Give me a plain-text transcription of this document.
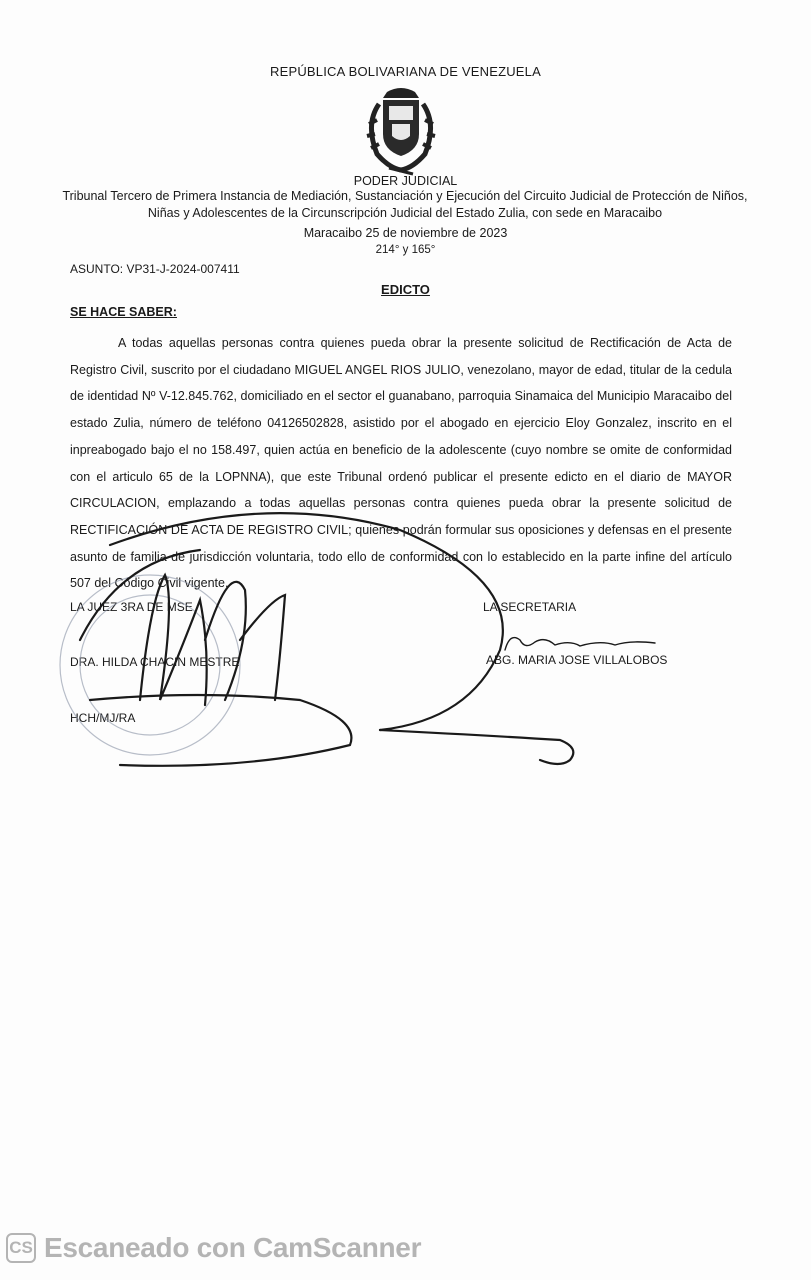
REPÚBLICA BOLIVARIANA DE VENEZUELA
PODER JUDICIAL
Tribunal Tercero de Primera Instancia de Mediación, Sustanciación y Ejecución del Circuito Judicial de Protección de Niños, Niñas y Adolescentes de la Circunscripción Judicial del Estado Zulia, con sede en Maracaibo
Maracaibo 25 de noviembre de 2023
214° y 165°
ASUNTO: VP31-J-2024-007411
EDICTO
SE HACE SABER:

A todas aquellas personas contra quienes pueda obrar la presente solicitud de Rectificación de Acta de Registro Civil, suscrito por el ciudadano MIGUEL ANGEL RIOS JULIO, venezolano, mayor de edad, titular de la cedula de identidad Nº V-12.845.762, domiciliado en el sector el guanabano, parroquia Sinamaica del Municipio Maracaibo del estado Zulia, número de teléfono 04126502828, asistido por el abogado en ejercicio Eloy Gonzalez, inscrito en el inpreabogado bajo el no 158.497, quien actúa en beneficio de la adolescente (cuyo nombre se omite de conformidad con el articulo 65 de la LOPNNA), que este Tribunal ordenó publicar el presente edicto en el diario de MAYOR CIRCULACION, emplazando a todas aquellas personas contra quienes pueda obrar la presente solicitud de RECTIFICACIÓN DE ACTA DE REGISTRO CIVIL; quienes podrán formular sus oposiciones y defensas en el presente asunto de familia de jurisdicción voluntaria, todo ello de conformidad con lo establecido en la parte infine del artículo 507 del Código Civil vigente.

LA JUEZ 3RA DE MSE	LA SECRETARIA
DRA. HILDA CHACIN MESTRE	ABG. MARIA JOSE VILLALOBOS
HCH/MJ/RA
CS Escaneado con CamScanner
